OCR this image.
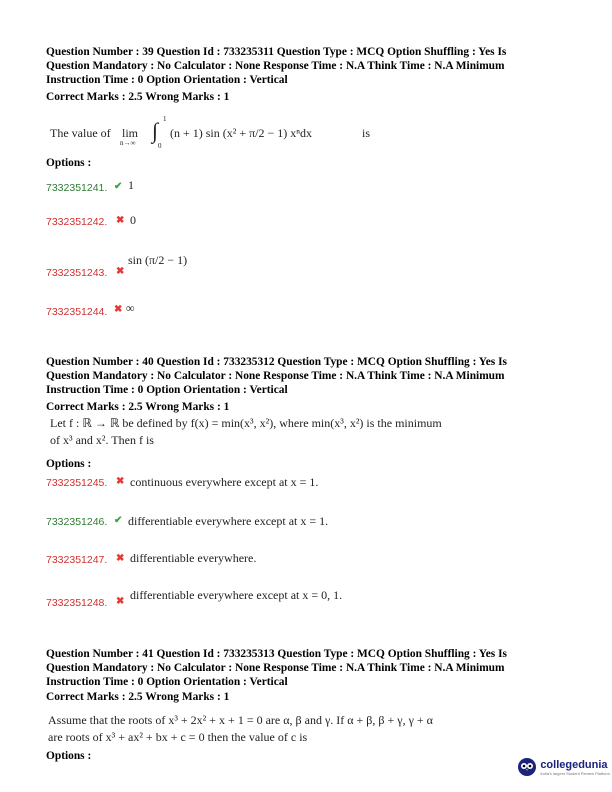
Question Number : 39 Question Id : 733235311 Question Type : MCQ Option Shuffling : Yes Is
Question Mandatory : No Calculator : None Response Time : N.A Think Time : N.A Minimum
Instruction Time : 0 Option Orientation : Vertical
Correct Marks : 2.5 Wrong Marks : 1
The value of lim
n→∞ ∫ 1
0
(n + 1) sin (x² + π/2 − 1) xⁿdx	is
Options :
7332351241. ✔ 1
7332351242. ✖ 0
7332351243. ✖
sin (π/2 − 1)
7332351244. ✖ ∞
Question Number : 40 Question Id : 733235312 Question Type : MCQ Option Shuffling : Yes Is
Question Mandatory : No Calculator : None Response Time : N.A Think Time : N.A Minimum
Instruction Time : 0 Option Orientation : Vertical
Correct Marks : 2.5 Wrong Marks : 1
Let f : ℝ → ℝ be defined by f(x) = min(x³, x²), where min(x³, x²) is the minimum
of x³ and x². Then f is
Options :
7332351245. ✖ continuous everywhere except at x = 1.
7332351246. ✔ differentiable everywhere except at x = 1.
7332351247. ✖ differentiable everywhere.
7332351248. ✖ differentiable everywhere except at x = 0, 1.
Question Number : 41 Question Id : 733235313 Question Type : MCQ Option Shuffling : Yes Is
Question Mandatory : No Calculator : None Response Time : N.A Think Time : N.A Minimum
Instruction Time : 0 Option Orientation : Vertical
Correct Marks : 2.5 Wrong Marks : 1
Assume that the roots of x³ + 2x² + x + 1 = 0 are α, β and γ. If α + β, β + γ, γ + α
are roots of x³ + ax² + bx + c = 0 then the value of c is
Options :
collegedunia
India's largest Student Review Platform
